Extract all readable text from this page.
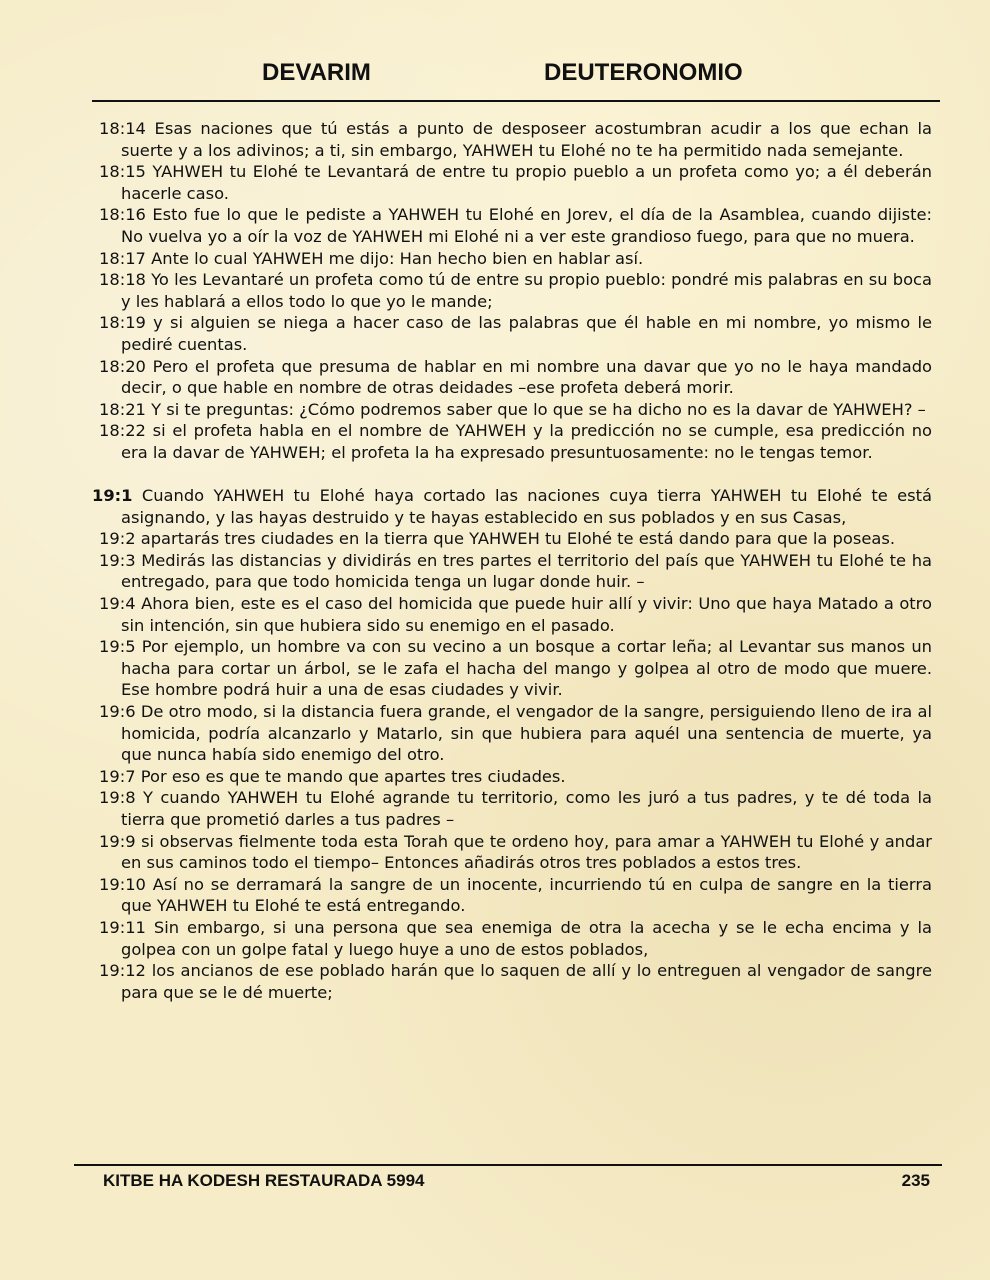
DEVARIM	DEUTERONOMIO

18:14 Esas naciones que tú estás a punto de desposeer acostumbran acudir a los que echan la suerte y a los adivinos; a ti, sin embargo, YAHWEH tu Elohé no te ha permitido nada semejante.

18:15 YAHWEH tu Elohé te Levantará de entre tu propio pueblo a un profeta como yo; a él deberán hacerle caso.

18:16 Esto fue lo que le pediste a YAHWEH tu Elohé en Jorev, el día de la Asamblea, cuando dijiste: No vuelva yo a oír la voz de YAHWEH mi Elohé ni a ver este grandioso fuego, para que no muera.

18:17 Ante lo cual YAHWEH me dijo: Han hecho bien en hablar así.

18:18 Yo les Levantaré un profeta como tú de entre su propio pueblo: pondré mis palabras en su boca y les hablará a ellos todo lo que yo le mande;

18:19 y si alguien se niega a hacer caso de las palabras que él hable en mi nombre, yo mismo le pediré cuentas.

18:20 Pero el profeta que presuma de hablar en mi nombre una davar que yo no le haya mandado decir, o que hable en nombre de otras deidades –ese profeta deberá morir.

18:21 Y si te preguntas: ¿Cómo podremos saber que lo que se ha dicho no es la davar de YAHWEH? –

18:22 si el profeta habla en el nombre de YAHWEH y la predicción no se cumple, esa predicción no era la davar de YAHWEH; el profeta la ha expresado presuntuosamente: no le tengas temor.

19:1 Cuando YAHWEH tu Elohé haya cortado las naciones cuya tierra YAHWEH tu Elohé te está asignando, y las hayas destruido y te hayas establecido en sus poblados y en sus Casas,

19:2 apartarás tres ciudades en la tierra que YAHWEH tu Elohé te está dando para que la poseas.

19:3 Medirás las distancias y dividirás en tres partes el territorio del país que YAHWEH tu Elohé te ha entregado, para que todo homicida tenga un lugar donde huir. –

19:4 Ahora bien, este es el caso del homicida que puede huir allí y vivir: Uno que haya Matado a otro sin intención, sin que hubiera sido su enemigo en el pasado.

19:5 Por ejemplo, un hombre va con su vecino a un bosque a cortar leña; al Levantar sus manos un hacha para cortar un árbol, se le zafa el hacha del mango y golpea al otro de modo que muere. Ese hombre podrá huir a una de esas ciudades y vivir.

19:6 De otro modo, si la distancia fuera grande, el vengador de la sangre, persiguiendo lleno de ira al homicida, podría alcanzarlo y Matarlo, sin que hubiera para aquél una sentencia de muerte, ya que nunca había sido enemigo del otro.

19:7 Por eso es que te mando que apartes tres ciudades.

19:8 Y cuando YAHWEH tu Elohé agrande tu territorio, como les juró a tus padres, y te dé toda la tierra que prometió darles a tus padres –

19:9 si observas fielmente toda esta Torah que te ordeno hoy, para amar a YAHWEH tu Elohé y andar en sus caminos todo el tiempo– Entonces añadirás otros tres poblados a estos tres.

19:10 Así no se derramará la sangre de un inocente, incurriendo tú en culpa de sangre en la tierra que YAHWEH tu Elohé te está entregando.

19:11 Sin embargo, si una persona que sea enemiga de otra la acecha y se le echa encima y la golpea con un golpe fatal y luego huye a uno de estos poblados,

19:12 los ancianos de ese poblado harán que lo saquen de allí y lo entreguen al vengador de sangre para que se le dé muerte;

KITBE HA KODESH RESTAURADA 5994	235
